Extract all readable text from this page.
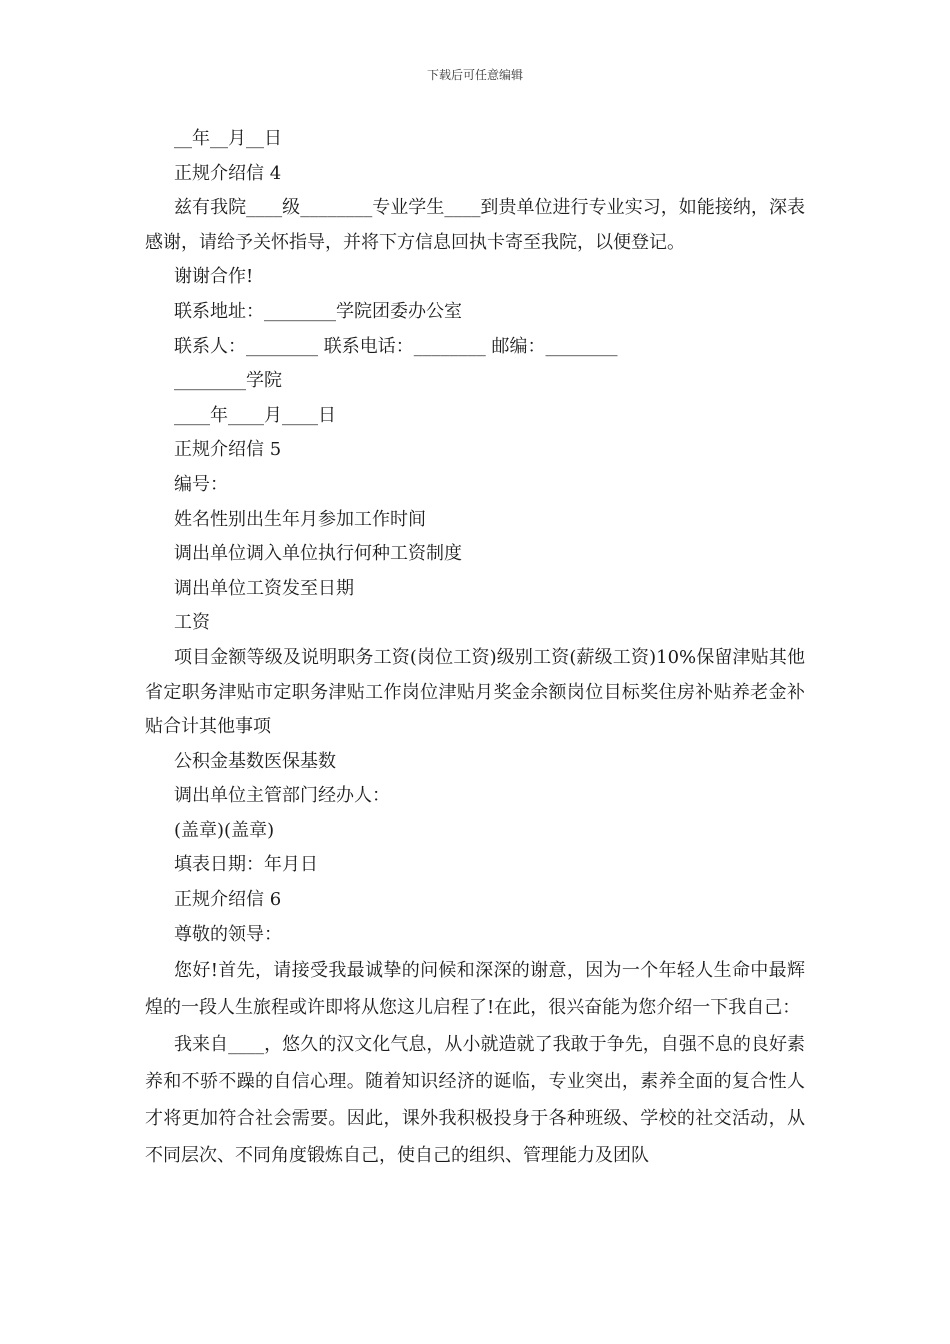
下载后可任意编辑
__年__月__日
正规介绍信 4
兹有我院____级________专业学生____到贵单位进行专业实习，如能接纳，深表感谢，请给予关怀指导，并将下方信息回执卡寄至我院，以便登记。
谢谢合作!
联系地址：________学院团委办公室
联系人：________ 联系电话：________ 邮编：________
________学院
____年____月____日
正规介绍信 5
编号：
姓名性别出生年月参加工作时间
调出单位调入单位执行何种工资制度
调出单位工资发至日期
工资
项目金额等级及说明职务工资(岗位工资)级别工资(薪级工资)10%保留津贴其他省定职务津贴市定职务津贴工作岗位津贴月奖金余额岗位目标奖住房补贴养老金补贴合计其他事项
公积金基数医保基数
调出单位主管部门经办人：
(盖章)(盖章)
填表日期：年月日
正规介绍信 6
尊敬的领导：
您好!首先，请接受我最诚挚的问候和深深的谢意，因为一个年轻人生命中最辉煌的一段人生旅程或许即将从您这儿启程了!在此，很兴奋能为您介绍一下我自己：
我来自____，悠久的汉文化气息，从小就造就了我敢于争先，自强不息的良好素养和不骄不躁的自信心理。随着知识经济的诞临，专业突出，素养全面的复合性人才将更加符合社会需要。因此，课外我积极投身于各种班级、学校的社交活动，从不同层次、不同角度锻炼自己，使自己的组织、管理能力及团队
